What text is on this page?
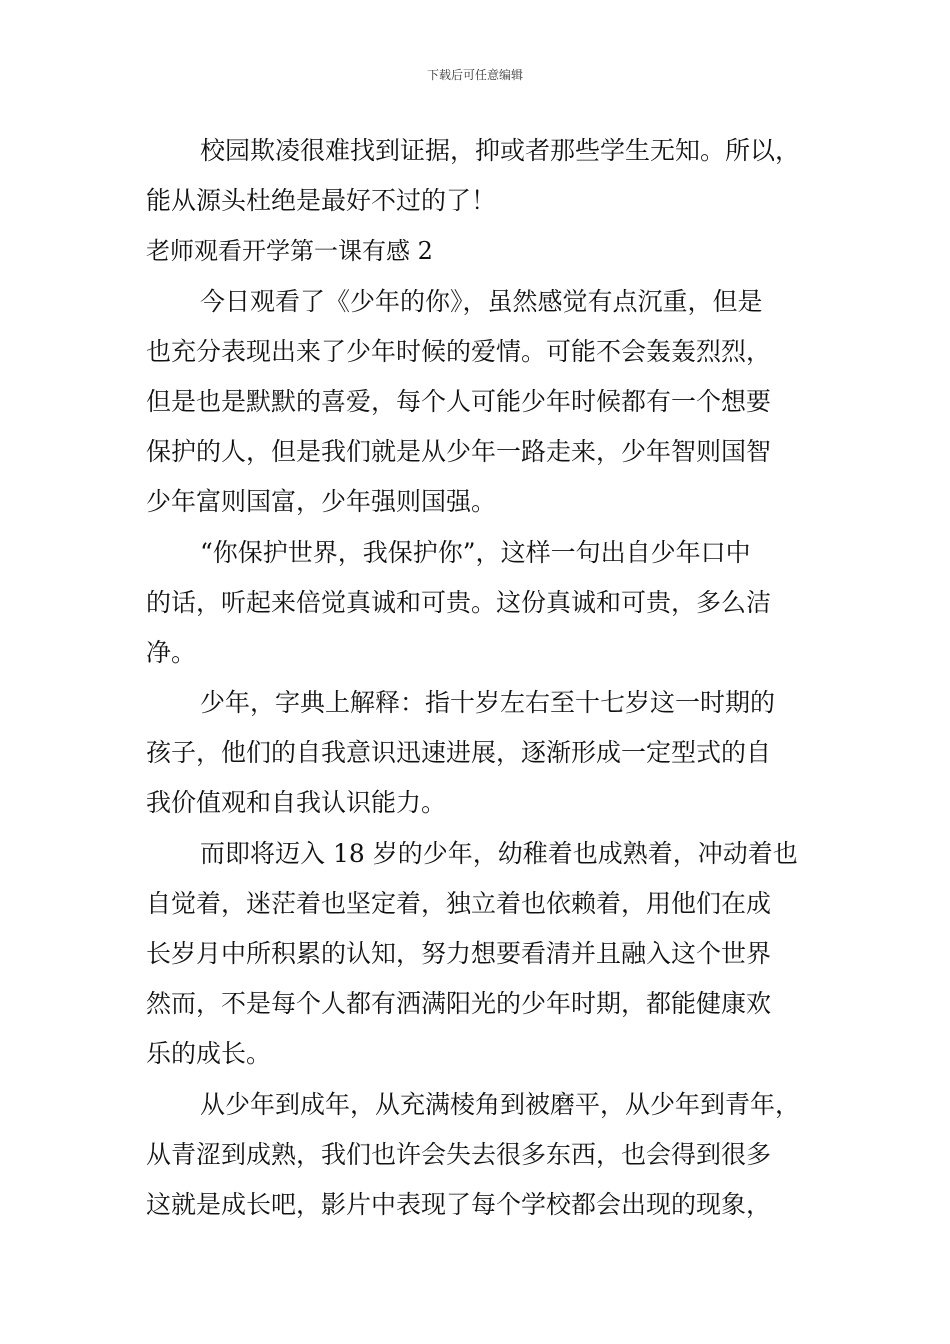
下载后可任意编辑
校园欺凌很难找到证据，抑或者那些学生无知。所以，
能从源头杜绝是最好不过的了！
老师观看开学第一课有感 2
今日观看了《少年的你》，虽然感觉有点沉重，但是
也充分表现出来了少年时候的爱情。可能不会轰轰烈烈，
但是也是默默的喜爱，每个人可能少年时候都有一个想要
保护的人，但是我们就是从少年一路走来，少年智则国智
少年富则国富，少年强则国强。
“你保护世界，我保护你”，这样一句出自少年口中
的话，听起来倍觉真诚和可贵。这份真诚和可贵，多么洁
净。
少年，字典上解释：指十岁左右至十七岁这一时期的
孩子，他们的自我意识迅速进展，逐渐形成一定型式的自
我价值观和自我认识能力。
而即将迈入 18 岁的少年，幼稚着也成熟着，冲动着也
自觉着，迷茫着也坚定着，独立着也依赖着，用他们在成
长岁月中所积累的认知，努力想要看清并且融入这个世界
然而，不是每个人都有洒满阳光的少年时期，都能健康欢
乐的成长。
从少年到成年，从充满棱角到被磨平，从少年到青年，
从青涩到成熟，我们也许会失去很多东西，也会得到很多
这就是成长吧，影片中表现了每个学校都会出现的现象，
